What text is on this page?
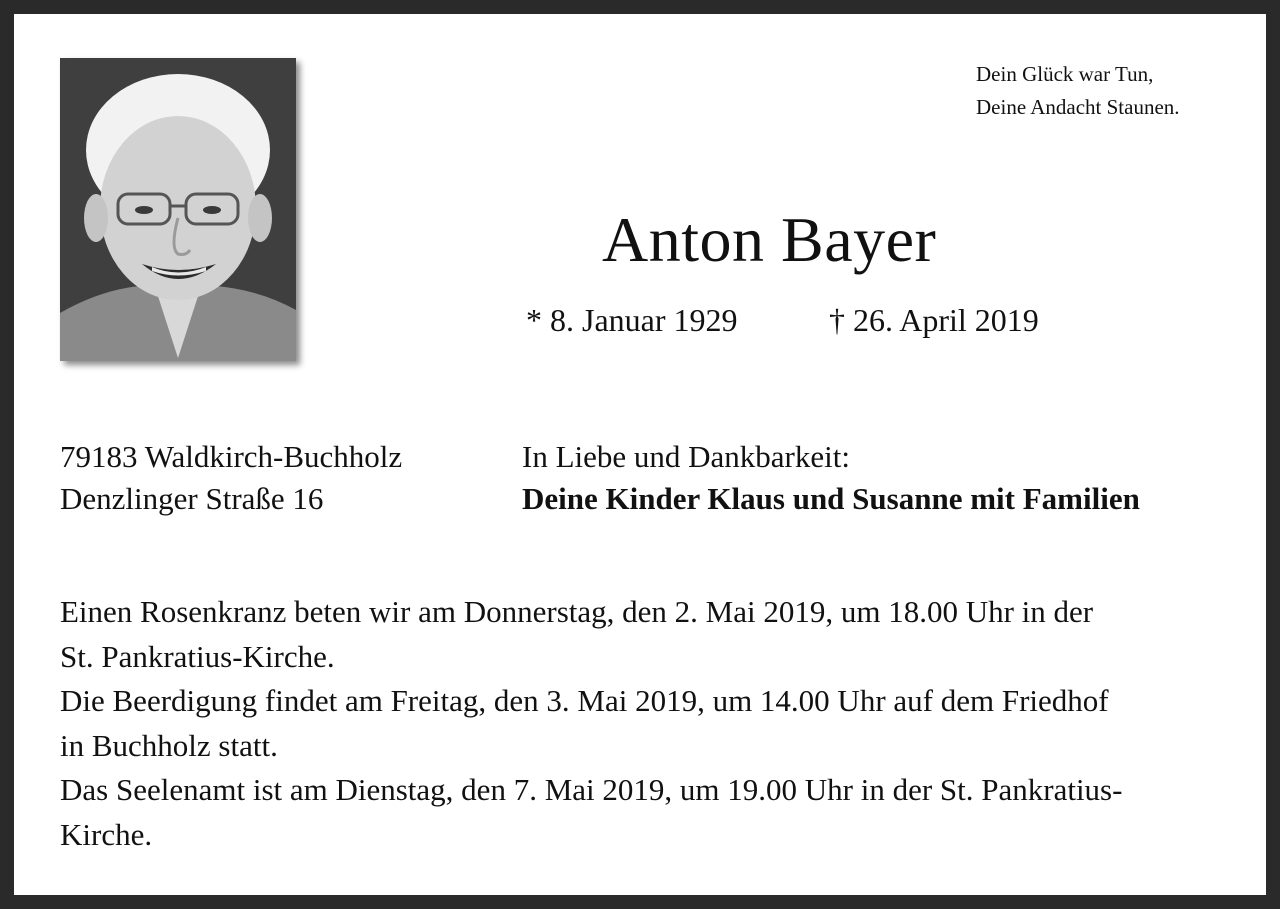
Dein Glück war Tun,
Deine Andacht Staunen.
Anton Bayer
* 8. Januar 1929	† 26. April 2019
79183 Waldkirch-Buchholz
Denzlinger Straße 16
In Liebe und Dankbarkeit:
Deine Kinder Klaus und Susanne mit Familien
Einen Rosenkranz beten wir am Donnerstag, den 2. Mai 2019, um 18.00 Uhr in der
St. Pankratius-Kirche.
Die Beerdigung findet am Freitag, den 3. Mai 2019, um 14.00 Uhr auf dem Friedhof
in Buchholz statt.
Das Seelenamt ist am Dienstag, den 7. Mai 2019, um 19.00 Uhr in der St. Pankratius-
Kirche.
